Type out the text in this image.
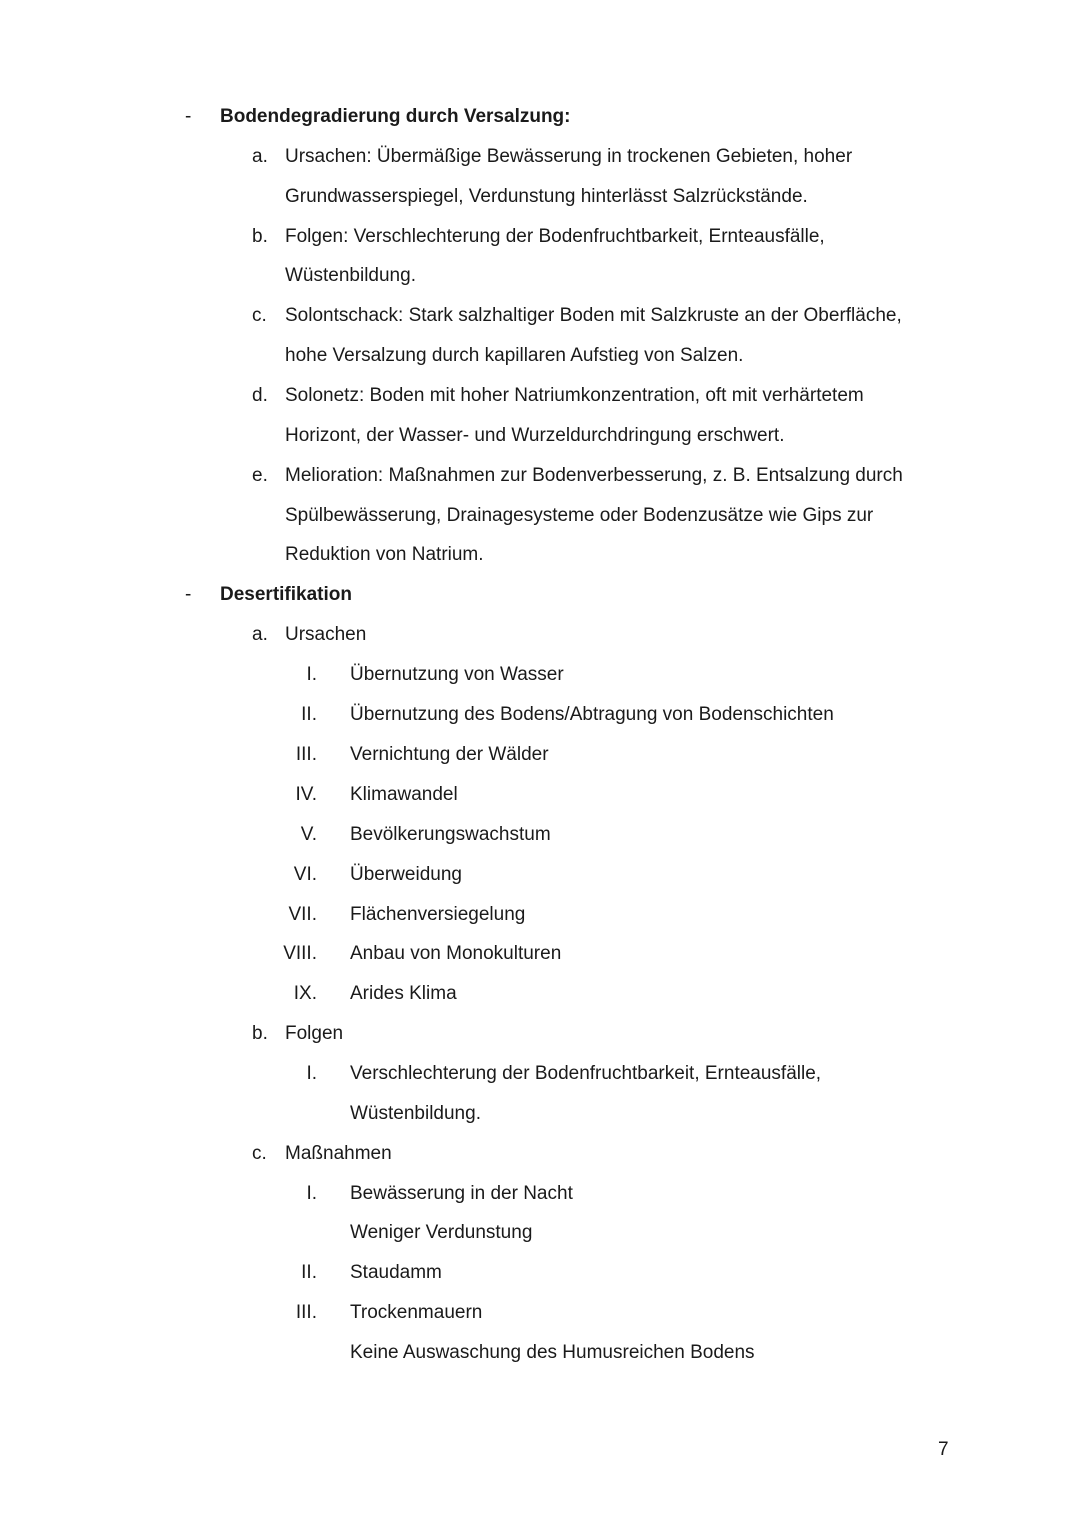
- Bodendegradierung durch Versalzung:
a. Ursachen: Übermäßige Bewässerung in trockenen Gebieten, hoher
Grundwasserspiegel, Verdunstung hinterlässt Salzrückstände.
b. Folgen: Verschlechterung der Bodenfruchtbarkeit, Ernteausfälle,
Wüstenbildung.
c. Solontschack: Stark salzhaltiger Boden mit Salzkruste an der Oberfläche,
hohe Versalzung durch kapillaren Aufstieg von Salzen.
d. Solonetz: Boden mit hoher Natriumkonzentration, oft mit verhärtetem
Horizont, der Wasser- und Wurzeldurchdringung erschwert.
e. Melioration: Maßnahmen zur Bodenverbesserung, z. B. Entsalzung durch
Spülbewässerung, Drainagesysteme oder Bodenzusätze wie Gips zur
Reduktion von Natrium.
- Desertifikation
a. Ursachen
I. Übernutzung von Wasser
II. Übernutzung des Bodens/Abtragung von Bodenschichten
III. Vernichtung der Wälder
IV. Klimawandel
V. Bevölkerungswachstum
VI. Überweidung
VII. Flächenversiegelung
VIII. Anbau von Monokulturen
IX. Arides Klima
b. Folgen
I. Verschlechterung der Bodenfruchtbarkeit, Ernteausfälle,
Wüstenbildung.
c. Maßnahmen
I. Bewässerung in der Nacht
Weniger Verdunstung
II. Staudamm
III. Trockenmauern
Keine Auswaschung des Humusreichen Bodens
7
